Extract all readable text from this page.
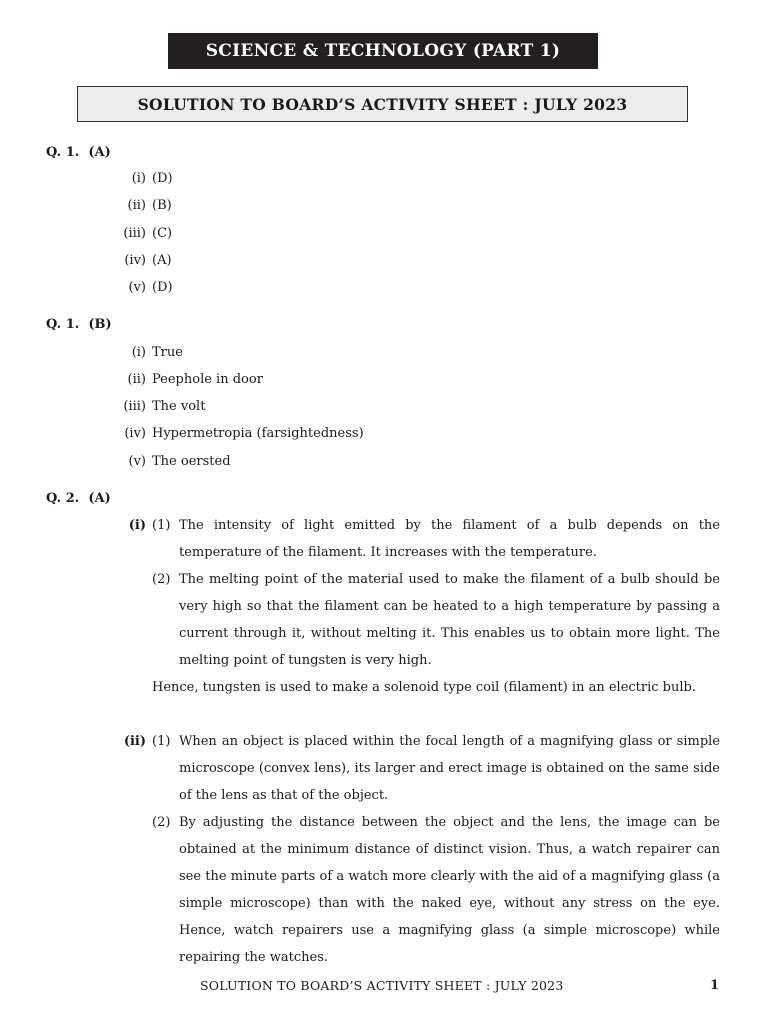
SCIENCE & TECHNOLOGY (PART 1)
SOLUTION TO BOARD’S ACTIVITY SHEET : JULY 2023
Q. 1.  (A)
(i) (D)
(ii) (B)
(iii) (C)
(iv) (A)
(v) (D)
Q. 1.  (B)
(i) True
(ii) Peephole in door
(iii) The volt
(iv) Hypermetropia (farsightedness)
(v) The oersted
Q. 2.  (A)
(i) (1) The intensity of light emitted by the filament of a bulb depends on the temperature of the filament. It increases with the temperature.
(2) The melting point of the material used to make the filament of a bulb should be very high so that the filament can be heated to a high temperature by passing a current through it, without melting it. This enables us to obtain more light. The melting point of tungsten is very high.
Hence, tungsten is used to make a solenoid type coil (filament) in an electric bulb.
(ii) (1) When an object is placed within the focal length of a magnifying glass or simple microscope (convex lens), its larger and erect image is obtained on the same side of the lens as that of the object.
(2) By adjusting the distance between the object and the lens, the image can be obtained at the minimum distance of distinct vision. Thus, a watch repairer can see the minute parts of a watch more clearly with the aid of a magnifying glass (a simple microscope) than with the naked eye, without any stress on the eye. Hence, watch repairers use a magnifying glass (a simple microscope) while repairing the watches.
SOLUTION TO BOARD’S ACTIVITY SHEET : JULY 2023	1
